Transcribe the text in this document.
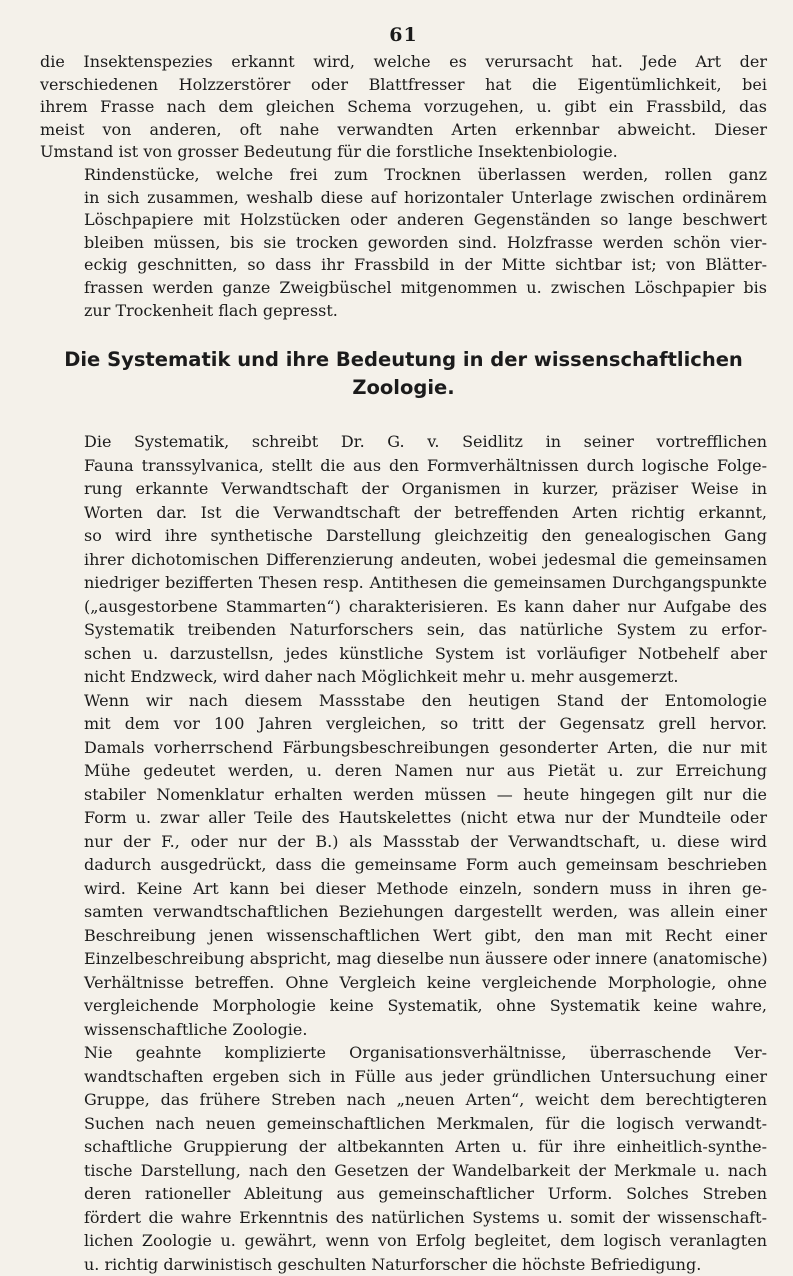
61

die Insektenspezies erkannt wird, welche es verursacht hat. Jede Art der
verschiedenen Holzzerstörer oder Blattfresser hat die Eigentümlichkeit, bei
ihrem Frasse nach dem gleichen Schema vorzugehen, u. gibt ein Frassbild, das
meist von anderen, oft nahe verwandten Arten erkennbar abweicht. Dieser
Umstand ist von grosser Bedeutung für die forstliche Insektenbiologie.

Rindenstücke, welche frei zum Trocknen überlassen werden, rollen ganz
in sich zusammen, weshalb diese auf horizontaler Unterlage zwischen ordinärem
Löschpapiere mit Holzstücken oder anderen Gegenständen so lange beschwert
bleiben müssen, bis sie trocken geworden sind. Holzfrasse werden schön vier-
eckig geschnitten, so dass ihr Frassbild in der Mitte sichtbar ist; von Blätter-
frassen werden ganze Zweigbüschel mitgenommen u. zwischen Löschpapier bis
zur Trockenheit flach gepresst.

Die Systematik und ihre Bedeutung in der wissenschaftlichen
Zoologie.

Die Systematik, schreibt Dr. G. v. Seidlitz in seiner vortrefflichen
Fauna transsylvanica, stellt die aus den Formverhältnissen durch logische Folge-
rung erkannte Verwandtschaft der Organismen in kurzer, präziser Weise in
Worten dar. Ist die Verwandtschaft der betreffenden Arten richtig erkannt,
so wird ihre synthetische Darstellung gleichzeitig den genealogischen Gang
ihrer dichotomischen Differenzierung andeuten, wobei jedesmal die gemeinsamen
niedriger bezifferten Thesen resp. Antithesen die gemeinsamen Durchgangspunkte
(„ausgestorbene Stammarten“) charakterisieren. Es kann daher nur Aufgabe des
Systematik treibenden Naturforschers sein, das natürliche System zu erfor-
schen u. darzustellsn, jedes künstliche System ist vorläufiger Notbehelf aber
nicht Endzweck, wird daher nach Möglichkeit mehr u. mehr ausgemerzt.

Wenn wir nach diesem Massstabe den heutigen Stand der Entomologie
mit dem vor 100 Jahren vergleichen, so tritt der Gegensatz grell hervor.
Damals vorherrschend Färbungsbeschreibungen gesonderter Arten, die nur mit
Mühe gedeutet werden, u. deren Namen nur aus Pietät u. zur Erreichung
stabiler Nomenklatur erhalten werden müssen — heute hingegen gilt nur die
Form u. zwar aller Teile des Hautskelettes (nicht etwa nur der Mundteile oder
nur der F., oder nur der B.) als Massstab der Verwandtschaft, u. diese wird
dadurch ausgedrückt, dass die gemeinsame Form auch gemeinsam beschrieben
wird. Keine Art kann bei dieser Methode einzeln, sondern muss in ihren ge-
samten verwandtschaftlichen Beziehungen dargestellt werden, was allein einer
Beschreibung jenen wissenschaftlichen Wert gibt, den man mit Recht einer
Einzelbeschreibung abspricht, mag dieselbe nun äussere oder innere (anatomische)
Verhältnisse betreffen. Ohne Vergleich keine vergleichende Morphologie, ohne
vergleichende Morphologie keine Systematik, ohne Systematik keine wahre,
wissenschaftliche Zoologie.

Nie geahnte komplizierte Organisationsverhältnisse, überraschende Ver-
wandtschaften ergeben sich in Fülle aus jeder gründlichen Untersuchung einer
Gruppe, das frühere Streben nach „neuen Arten“, weicht dem berechtigteren
Suchen nach neuen gemeinschaftlichen Merkmalen, für die logisch verwandt-
schaftliche Gruppierung der altbekannten Arten u. für ihre einheitlich-synthe-
tische Darstellung, nach den Gesetzen der Wandelbarkeit der Merkmale u. nach
deren rationeller Ableitung aus gemeinschaftlicher Urform. Solches Streben
fördert die wahre Erkenntnis des natürlichen Systems u. somit der wissenschaft-
lichen Zoologie u. gewährt, wenn von Erfolg begleitet, dem logisch veranlagten
u. richtig darwinistisch geschulten Naturforscher die höchste Befriedigung.
